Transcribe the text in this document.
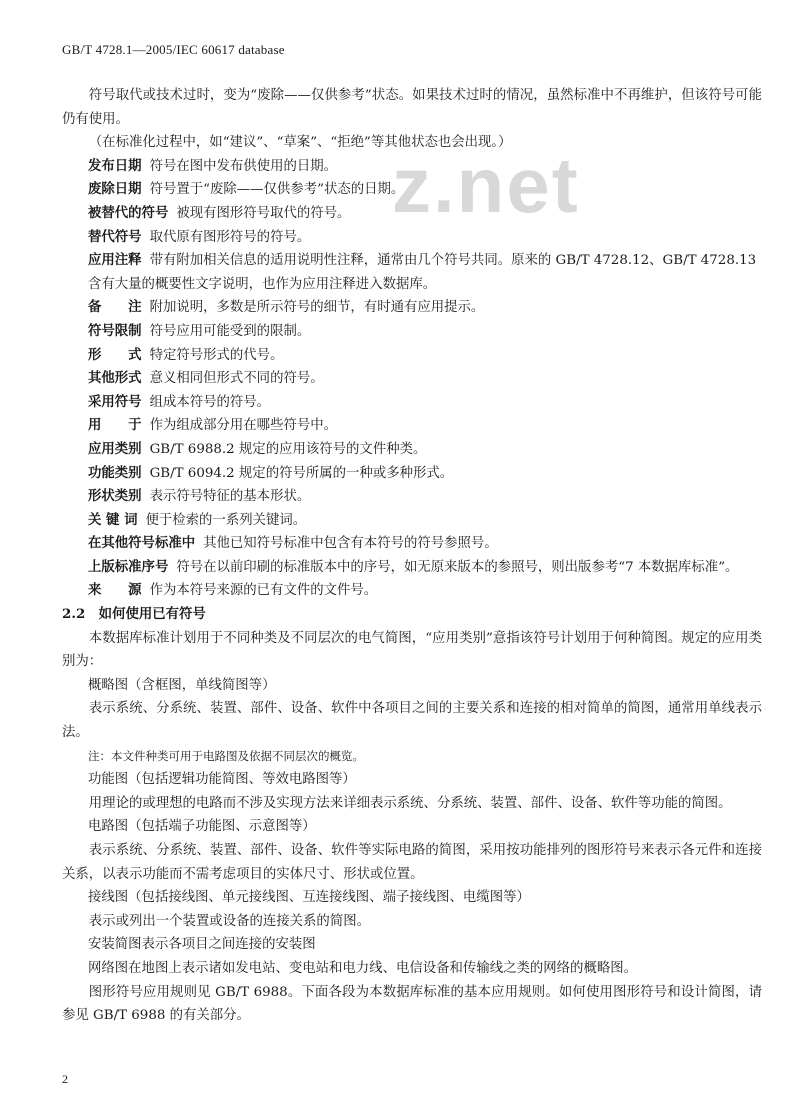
GB/T 4728.1—2005/IEC 60617 database
z.net

符号取代或技术过时，变为“废除——仅供参考”状态。如果技术过时的情况，虽然标准中不再维护，但该符号可能仍有使用。

（在标准化过程中，如“建议”、“草案”、“拒绝”等其他状态也会出现。）

发布日期 符号在图中发布供使用的日期。

废除日期 符号置于“废除——仅供参考”状态的日期。

被替代的符号 被现有图形符号取代的符号。

替代符号 取代原有图形符号的符号。

应用注释 带有附加相关信息的适用说明性注释，通常由几个符号共同。原来的 GB/T 4728.12、GB/T 4728.13 含有大量的概要性文字说明，也作为应用注释进入数据库。

备　　注 附加说明，多数是所示符号的细节，有时通有应用提示。

符号限制 符号应用可能受到的限制。

形　　式 特定符号形式的代号。

其他形式 意义相同但形式不同的符号。

采用符号 组成本符号的符号。

用　　于 作为组成部分用在哪些符号中。

应用类别 GB/T 6988.2 规定的应用该符号的文件种类。

功能类别 GB/T 6094.2 规定的符号所属的一种或多种形式。

形状类别 表示符号特征的基本形状。

关 键 词 便于检索的一系列关键词。

在其他符号标准中 其他已知符号标准中包含有本符号的符号参照号。

上版标准序号 符号在以前印刷的标准版本中的序号，如无原来版本的参照号，则出版参考“7 本数据库标准”。

来　　源 作为本符号来源的已有文件的文件号。

2.2　如何使用已有符号

本数据库标准计划用于不同种类及不同层次的电气简图，“应用类别”意指该符号计划用于何种简图。规定的应用类别为：

概略图（含框图，单线简图等）

表示系统、分系统、装置、部件、设备、软件中各项目之间的主要关系和连接的相对简单的简图，通常用单线表示法。

注：本文件种类可用于电路图及依据不同层次的概览。

功能图（包括逻辑功能简图、等效电路图等）

用理论的或理想的电路而不涉及实现方法来详细表示系统、分系统、装置、部件、设备、软件等功能的简图。

电路图（包括端子功能图、示意图等）

表示系统、分系统、装置、部件、设备、软件等实际电路的简图，采用按功能排列的图形符号来表示各元件和连接关系，以表示功能而不需考虑项目的实体尺寸、形状或位置。

接线图（包括接线图、单元接线图、互连接线图、端子接线图、电缆图等）

表示或列出一个装置或设备的连接关系的简图。

安装简图表示各项目之间连接的安装图

网络图在地图上表示诸如发电站、变电站和电力线、电信设备和传输线之类的网络的概略图。

图形符号应用规则见 GB/T 6988。下面各段为本数据库标准的基本应用规则。如何使用图形符号和设计简图，请参见 GB/T 6988 的有关部分。

2
